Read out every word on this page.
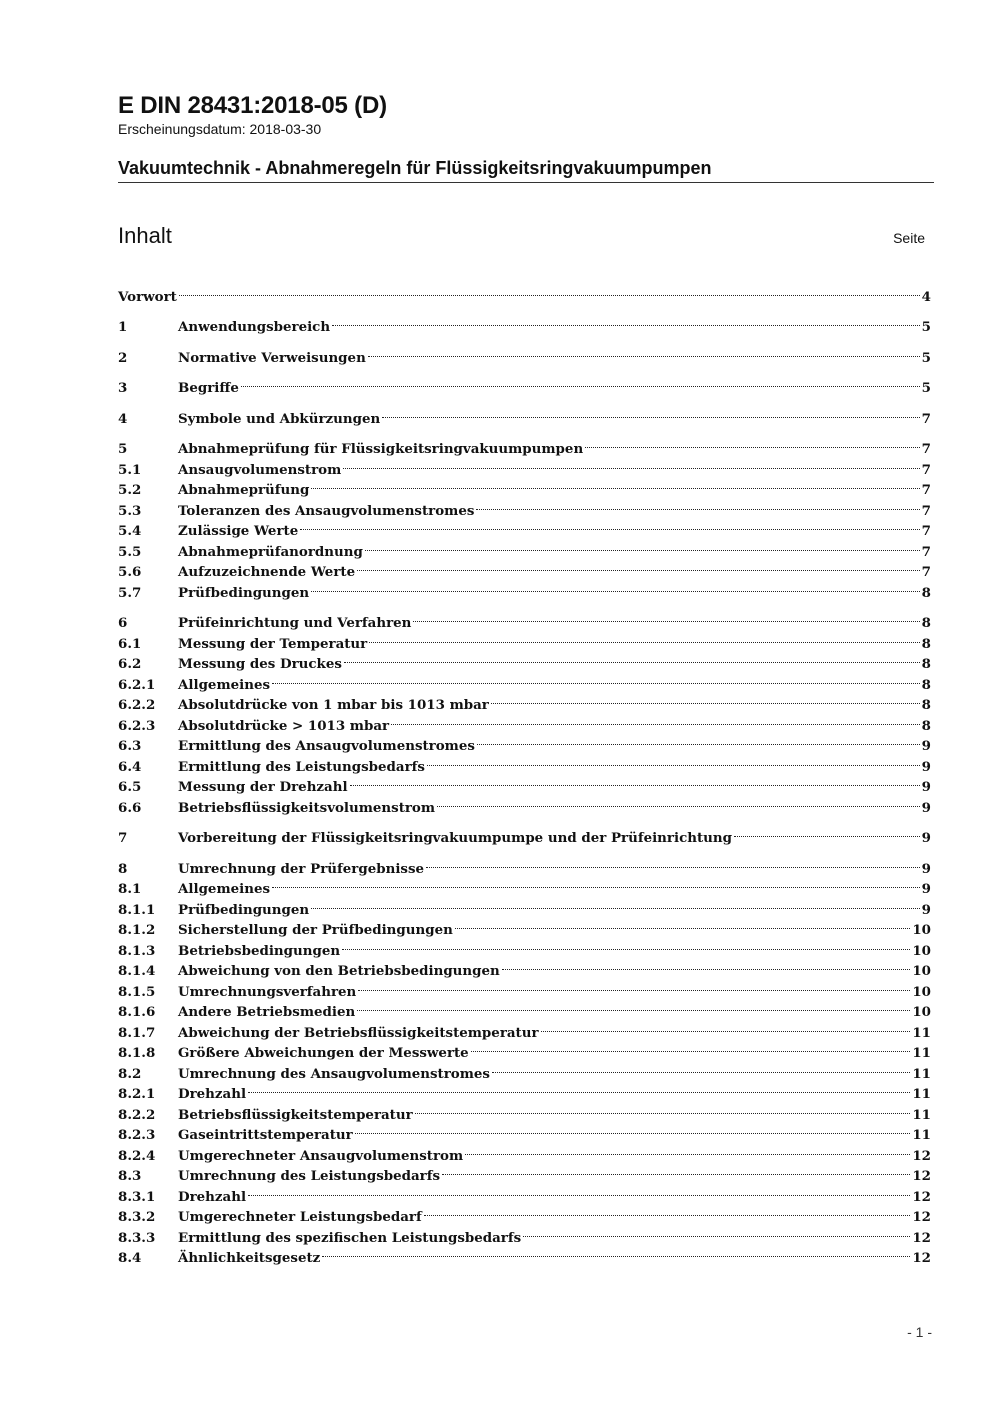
E DIN 28431:2018-05 (D)
Erscheinungsdatum: 2018-03-30
Vakuumtechnik - Abnahmeregeln für Flüssigkeitsringvakuumpumpen
Inhalt	Seite
Vorwort	4
1	Anwendungsbereich	5
2	Normative Verweisungen	5
3	Begriffe	5
4	Symbole und Abkürzungen	7
5	Abnahmeprüfung für Flüssigkeitsringvakuumpumpen	7
5.1	Ansaugvolumenstrom	7
5.2	Abnahmeprüfung	7
5.3	Toleranzen des Ansaugvolumenstromes	7
5.4	Zulässige Werte	7
5.5	Abnahmeprüfanordnung	7
5.6	Aufzuzeichnende Werte	7
5.7	Prüfbedingungen	8
6	Prüfeinrichtung und Verfahren	8
6.1	Messung der Temperatur	8
6.2	Messung des Druckes	8
6.2.1	Allgemeines	8
6.2.2	Absolutdrücke von 1 mbar bis 1013 mbar	8
6.2.3	Absolutdrücke > 1013 mbar	8
6.3	Ermittlung des Ansaugvolumenstromes	9
6.4	Ermittlung des Leistungsbedarfs	9
6.5	Messung der Drehzahl	9
6.6	Betriebsflüssigkeitsvolumenstrom	9
7	Vorbereitung der Flüssigkeitsringvakuumpumpe und der Prüfeinrichtung	9
8	Umrechnung der Prüfergebnisse	9
8.1	Allgemeines	9
8.1.1	Prüfbedingungen	9
8.1.2	Sicherstellung der Prüfbedingungen	10
8.1.3	Betriebsbedingungen	10
8.1.4	Abweichung von den Betriebsbedingungen	10
8.1.5	Umrechnungsverfahren	10
8.1.6	Andere Betriebsmedien	10
8.1.7	Abweichung der Betriebsflüssigkeitstemperatur	11
8.1.8	Größere Abweichungen der Messwerte	11
8.2	Umrechnung des Ansaugvolumenstromes	11
8.2.1	Drehzahl	11
8.2.2	Betriebsflüssigkeitstemperatur	11
8.2.3	Gaseintrittstemperatur	11
8.2.4	Umgerechneter Ansaugvolumenstrom	12
8.3	Umrechnung des Leistungsbedarfs	12
8.3.1	Drehzahl	12
8.3.2	Umgerechneter Leistungsbedarf	12
8.3.3	Ermittlung des spezifischen Leistungsbedarfs	12
8.4	Ähnlichkeitsgesetz	12
- 1 -
